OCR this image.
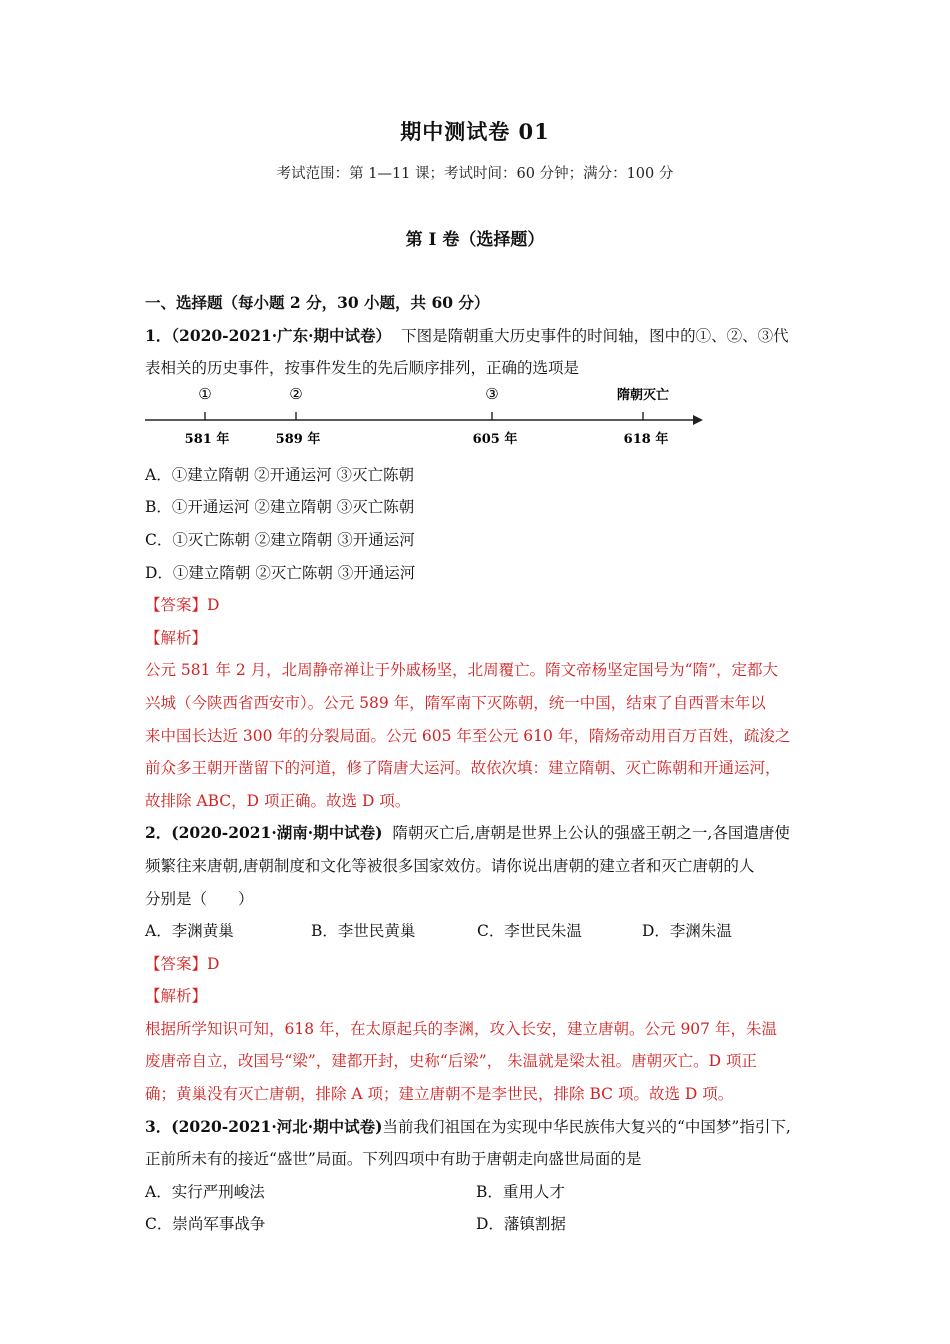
期中测试卷 01
考试范围：第 1—11 课；考试时间：60 分钟；满分：100 分
第 I 卷（选择题）
一、选择题（每小题 2 分，30 小题，共 60 分）
1．（2020-2021·广东·期中试卷） 下图是隋朝重大历史事件的时间轴，图中的①、②、③代
表相关的历史事件，按事件发生的先后顺序排列，正确的选项是
①	②	③	隋朝灭亡
581 年	589 年	605 年	618 年
A．①建立隋朝 ②开通运河 ③灭亡陈朝
B．①开通运河 ②建立隋朝 ③灭亡陈朝
C．①灭亡陈朝 ②建立隋朝 ③开通运河
D．①建立隋朝 ②灭亡陈朝 ③开通运河
【答案】D
【解析】
公元 581 年 2 月，北周静帝禅让于外戚杨坚，北周覆亡。隋文帝杨坚定国号为“隋”，定都大
兴城（今陕西省西安市）。公元 589 年，隋军南下灭陈朝，统一中国，结束了自西晋末年以
来中国长达近 300 年的分裂局面。公元 605 年至公元 610 年，隋炀帝动用百万百姓，疏浚之
前众多王朝开凿留下的河道，修了隋唐大运河。故依次填：建立隋朝、灭亡陈朝和开通运河，
故排除 ABC，D 项正确。故选 D 项。
2．(2020-2021·湖南·期中试卷) 隋朝灭亡后,唐朝是世界上公认的强盛王朝之一,各国遣唐使
频繁往来唐朝,唐朝制度和文化等被很多国家效仿。请你说出唐朝的建立者和灭亡唐朝的人
分别是（　　）
A．李渊黄巢	B．李世民黄巢	C．李世民朱温	D．李渊朱温
【答案】D
【解析】
根据所学知识可知，618 年，在太原起兵的李渊，攻入长安，建立唐朝。公元 907 年，朱温
废唐帝自立，改国号“梁”，建都开封，史称“后梁”， 朱温就是梁太祖。唐朝灭亡。D 项正
确；黄巢没有灭亡唐朝，排除 A 项；建立唐朝不是李世民，排除 BC 项。故选 D 项。
3．(2020-2021·河北·期中试卷)当前我们祖国在为实现中华民族伟大复兴的“中国梦”指引下,
正前所未有的接近“盛世”局面。下列四项中有助于唐朝走向盛世局面的是
A．实行严刑峻法	B．重用人才
C．崇尚军事战争	D．藩镇割据
